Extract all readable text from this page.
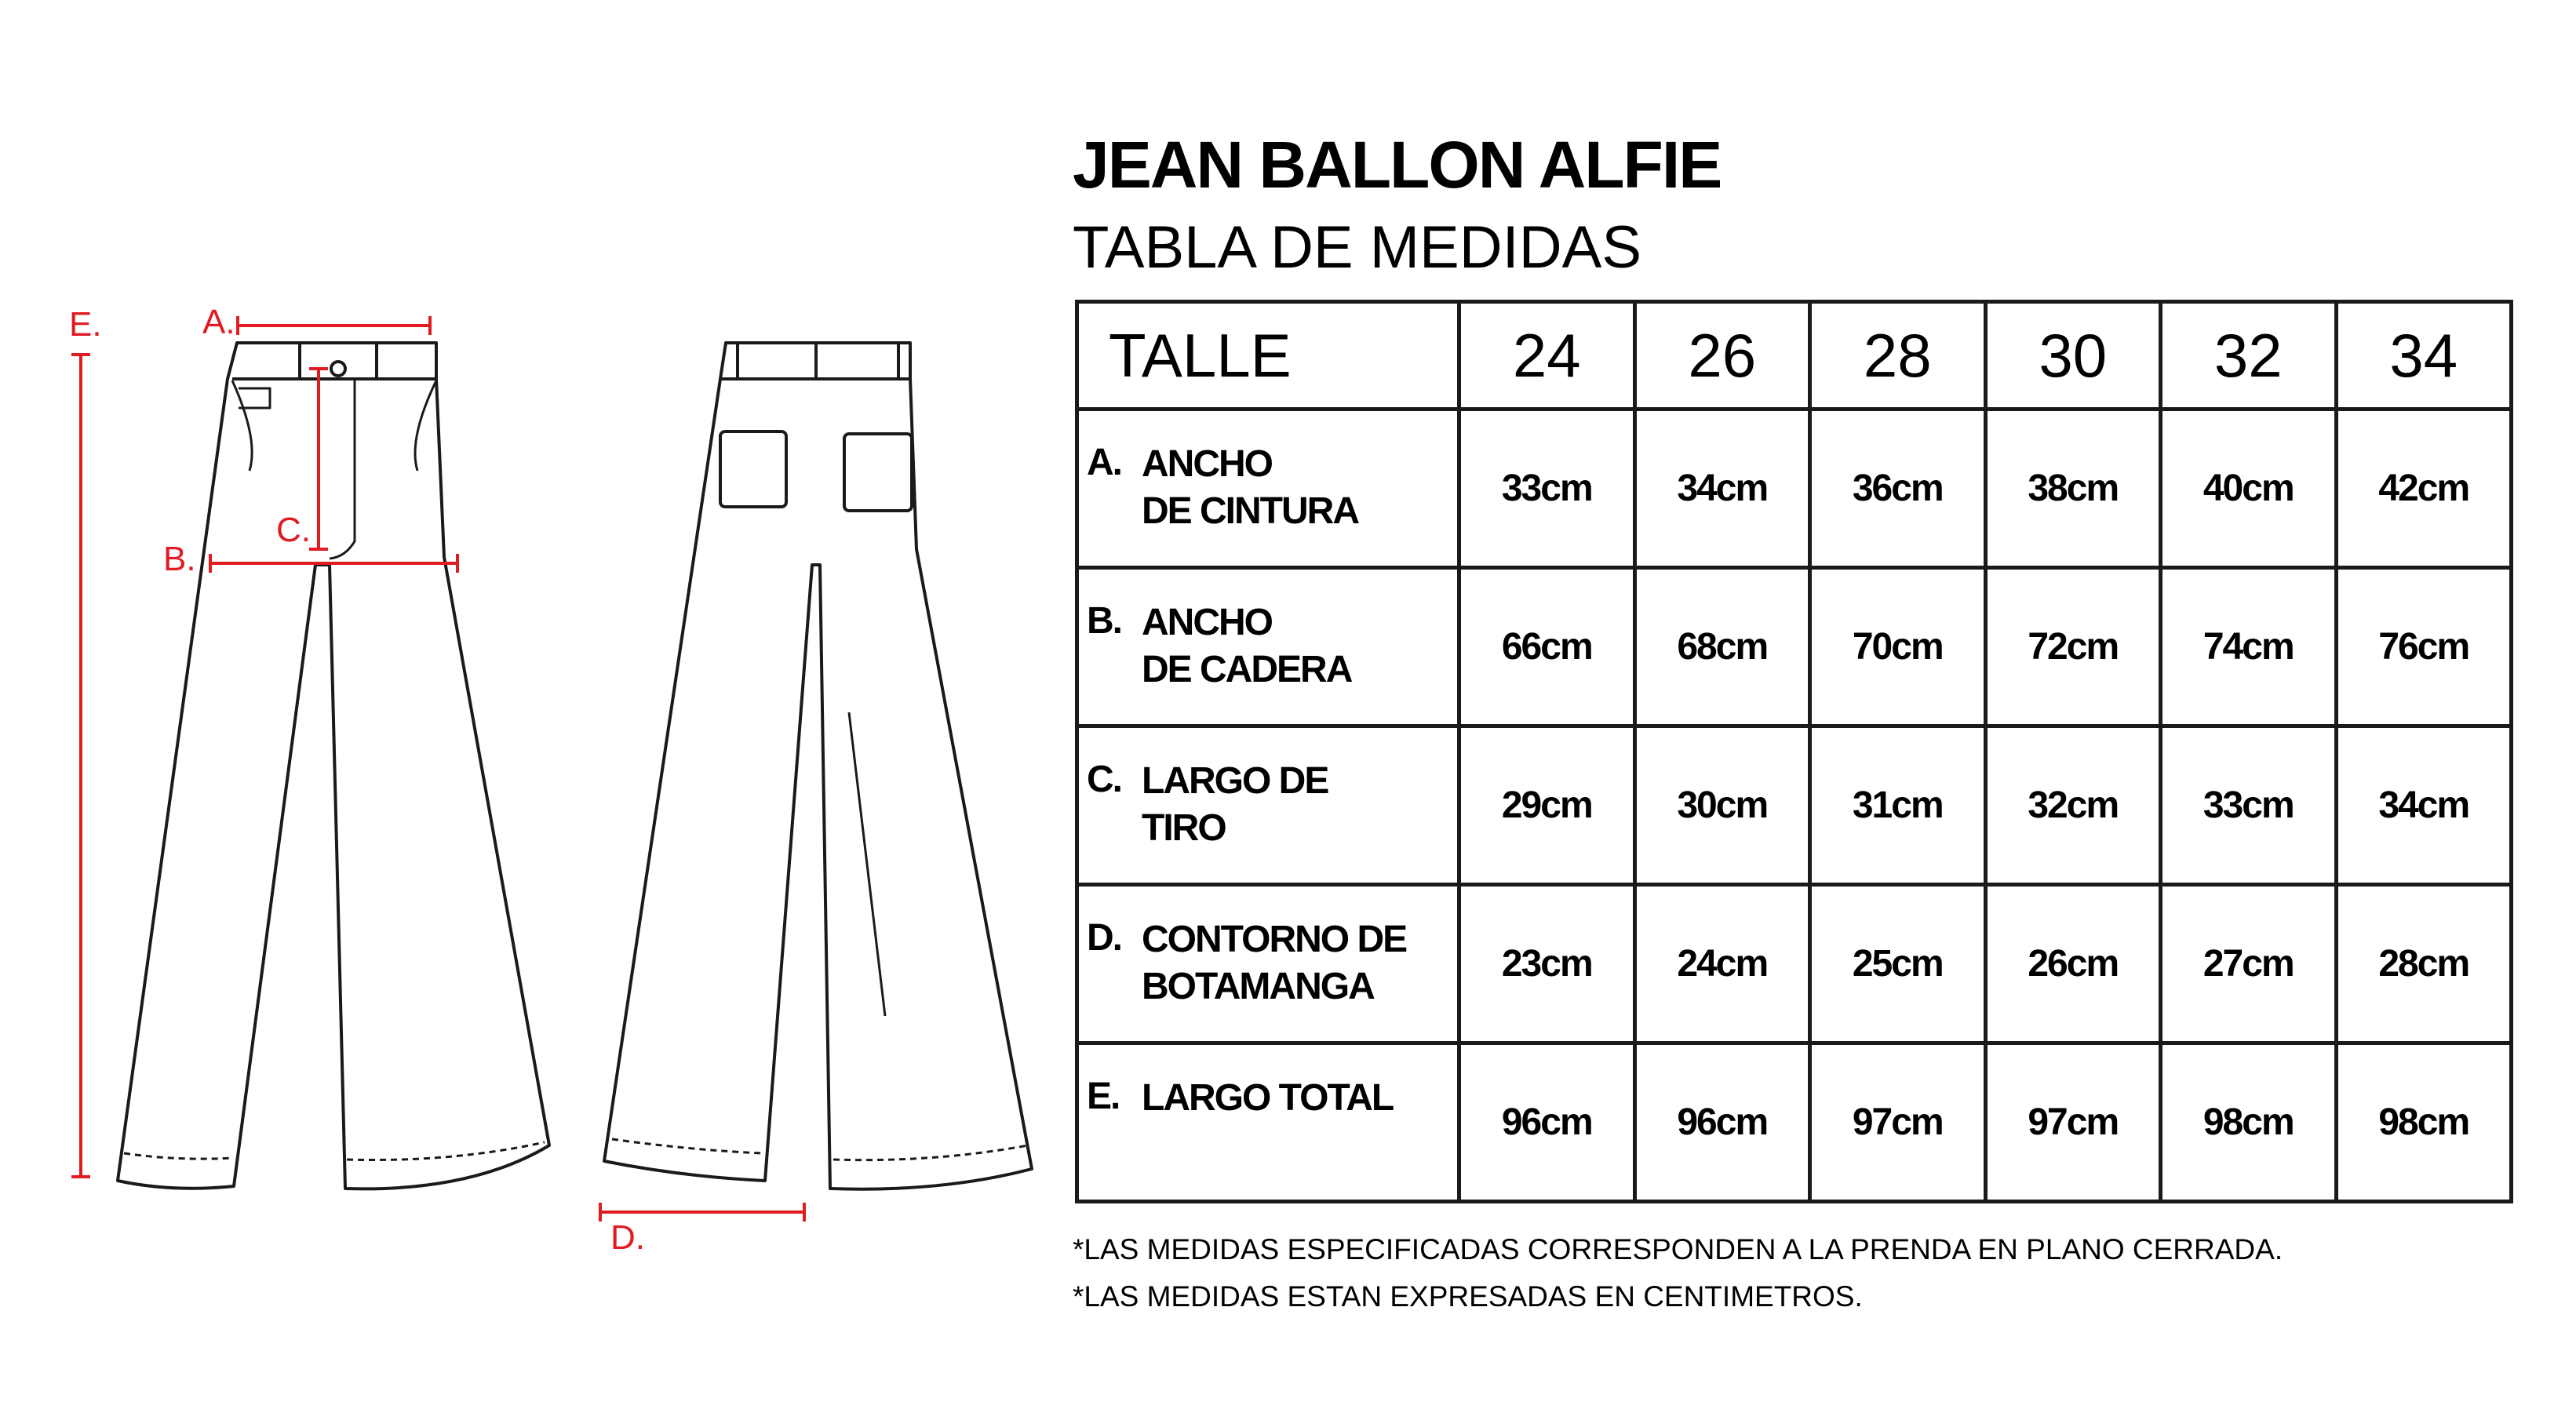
A.
B.
C.
D.
E.
JEAN BALLON ALFIE
TABLA DE MEDIDAS
TALLE	24	26	28	30	32	34

A. ANCHO
DE CINTURA	33cm	34cm	36cm	38cm	40cm	42cm

B. ANCHO
DE CADERA	66cm	68cm	70cm	72cm	74cm	76cm

C. LARGO DE
TIRO	29cm	30cm	31cm	32cm	33cm	34cm

D. CONTORNO DE
BOTAMANGA	23cm	24cm	25cm	26cm	27cm	28cm

E. LARGO TOTAL	96cm	96cm	97cm	97cm	98cm	98cm

*LAS MEDIDAS ESPECIFICADAS CORRESPONDEN A LA PRENDA EN PLANO CERRADA.

*LAS MEDIDAS ESTAN EXPRESADAS EN CENTIMETROS.
